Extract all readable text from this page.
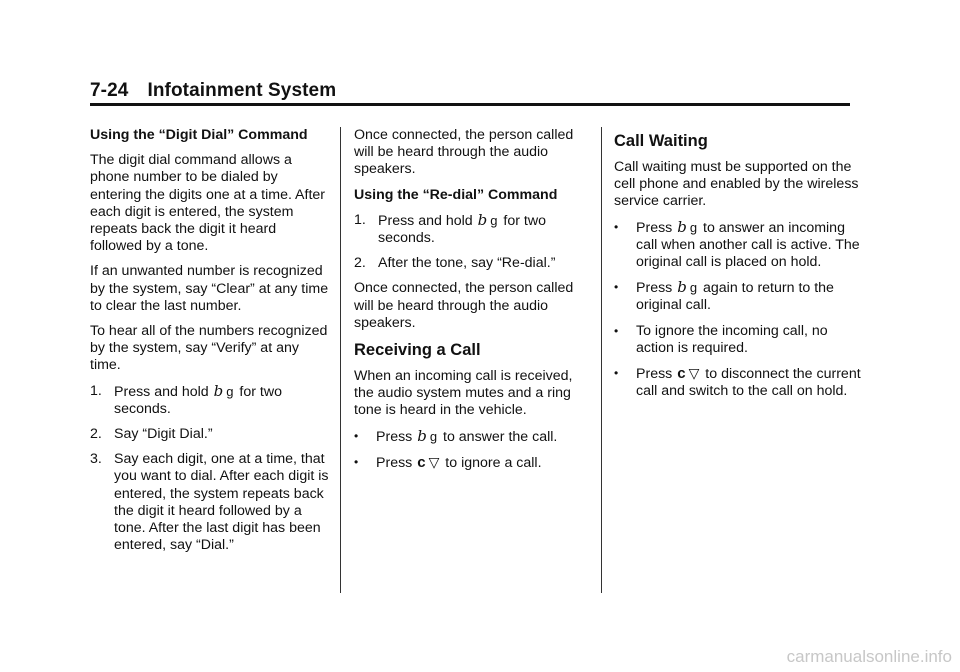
7-24 Infotainment System

Using the “Digit Dial” Command

The digit dial command allows a phone number to be dialed by entering the digits one at a time. After each digit is entered, the system repeats back the digit it heard followed by a tone.

If an unwanted number is recognized by the system, say “Clear” at any time to clear the last number.

To hear all of the numbers recognized by the system, say “Verify” at any time.

1. Press and hold b g for two seconds.
2. Say “Digit Dial.”
3. Say each digit, one at a time, that you want to dial. After each digit is entered, the system repeats back the digit it heard followed by a tone. After the last digit has been entered, say “Dial.”

Once connected, the person called will be heard through the audio speakers.

Using the “Re-dial” Command

1. Press and hold b g for two seconds.
2. After the tone, say “Re-dial.”

Once connected, the person called will be heard through the audio speakers.

Receiving a Call

When an incoming call is received, the audio system mutes and a ring tone is heard in the vehicle.

•	Press b g to answer the call.
•	Press c ▽ to ignore a call.

Call Waiting

Call waiting must be supported on the cell phone and enabled by the wireless service carrier.

•	Press b g to answer an incoming call when another call is active. The original call is placed on hold.
•	Press b g again to return to the original call.
•	To ignore the incoming call, no action is required.
•	Press c ▽ to disconnect the current call and switch to the call on hold.
carmanualsonline.info
